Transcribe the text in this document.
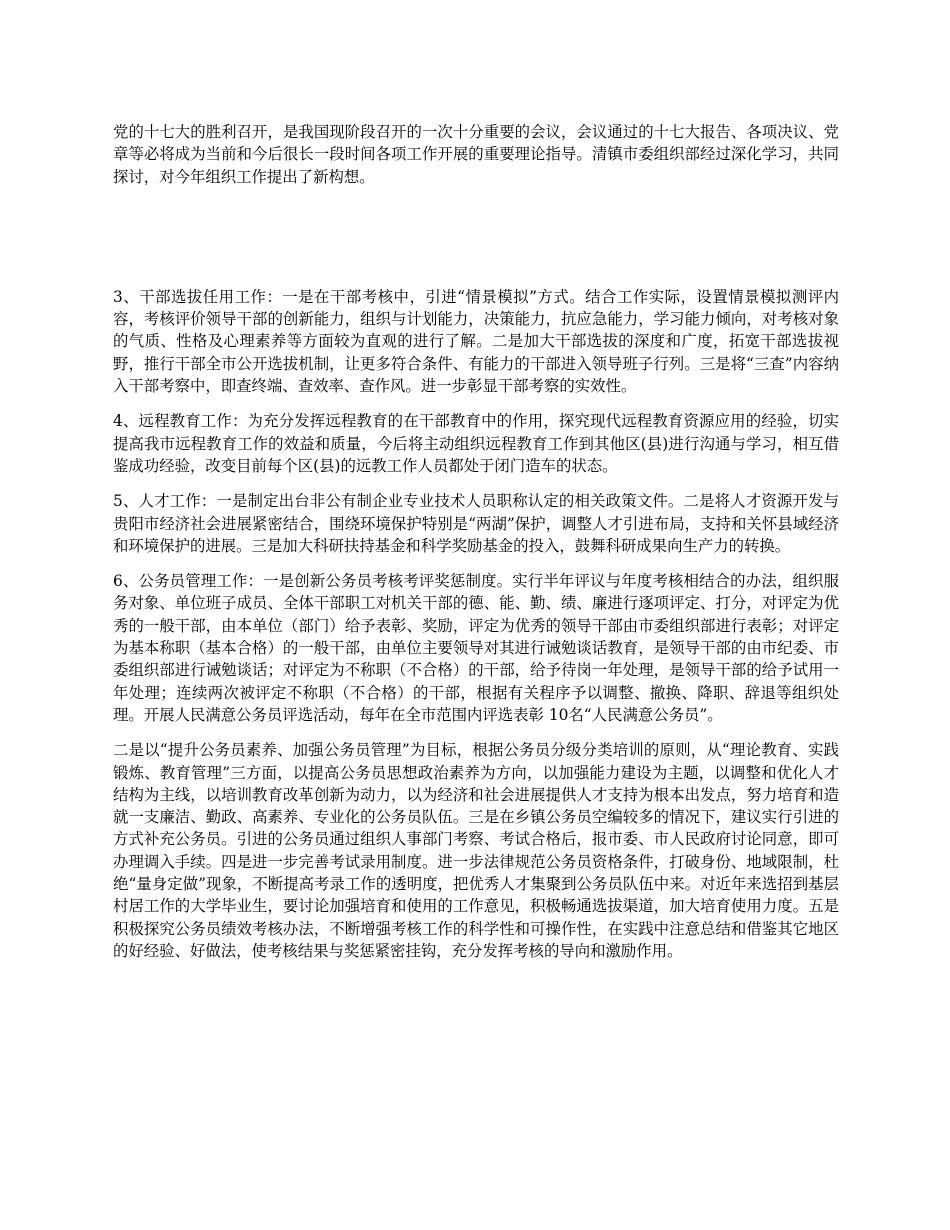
党的十七大的胜利召开，是我国现阶段召开的一次十分重要的会议，会议通过的十七大报告、各项决议、党章等必将成为当前和今后很长一段时间各项工作开展的重要理论指导。清镇市委组织部经过深化学习，共同探讨，对今年组织工作提出了新构想。

3、干部选拔任用工作：一是在干部考核中，引进“情景模拟”方式。结合工作实际，设置情景模拟测评内容，考核评价领导干部的创新能力，组织与计划能力，决策能力，抗应急能力，学习能力倾向，对考核对象的气质、性格及心理素养等方面较为直观的进行了解。二是加大干部选拔的深度和广度，拓宽干部选拔视野，推行干部全市公开选拔机制，让更多符合条件、有能力的干部进入领导班子行列。三是将“三查”内容纳入干部考察中，即查终端、查效率、查作风。进一步彰显干部考察的实效性。

4、远程教育工作：为充分发挥远程教育的在干部教育中的作用，探究现代远程教育资源应用的经验，切实提高我市远程教育工作的效益和质量，今后将主动组织远程教育工作到其他区(县)进行沟通与学习，相互借鉴成功经验，改变目前每个区(县)的远教工作人员都处于闭门造车的状态。

5、人才工作：一是制定出台非公有制企业专业技术人员职称认定的相关政策文件。二是将人才资源开发与贵阳市经济社会进展紧密结合，围绕环境保护特别是“两湖”保护，调整人才引进布局，支持和关怀县域经济和环境保护的进展。三是加大科研扶持基金和科学奖励基金的投入，鼓舞科研成果向生产力的转换。

6、公务员管理工作：一是创新公务员考核考评奖惩制度。实行半年评议与年度考核相结合的办法，组织服务对象、单位班子成员、全体干部职工对机关干部的德、能、勤、绩、廉进行逐项评定、打分，对评定为优秀的一般干部，由本单位（部门）给予表彰、奖励，评定为优秀的领导干部由市委组织部进行表彰；对评定为基本称职（基本合格）的一般干部，由单位主要领导对其进行诫勉谈话教育，是领导干部的由市纪委、市委组织部进行诫勉谈话；对评定为不称职（不合格）的干部，给予待岗一年处理，是领导干部的给予试用一年处理；连续两次被评定不称职（不合格）的干部，根据有关程序予以调整、撤换、降职、辞退等组织处理。开展人民满意公务员评选活动，每年在全市范围内评选表彰 10名“人民满意公务员”。

二是以“提升公务员素养、加强公务员管理”为目标，根据公务员分级分类培训的原则，从“理论教育、实践锻炼、教育管理”三方面，以提高公务员思想政治素养为方向，以加强能力建设为主题，以调整和优化人才结构为主线，以培训教育改革创新为动力，以为经济和社会进展提供人才支持为根本出发点，努力培育和造就一支廉洁、勤政、高素养、专业化的公务员队伍。三是在乡镇公务员空编较多的情况下，建议实行引进的方式补充公务员。引进的公务员通过组织人事部门考察、考试合格后，报市委、市人民政府讨论同意，即可办理调入手续。四是进一步完善考试录用制度。进一步法律规范公务员资格条件，打破身份、地域限制，杜绝“量身定做”现象，不断提高考录工作的透明度，把优秀人才集聚到公务员队伍中来。对近年来选招到基层村居工作的大学毕业生，要讨论加强培育和使用的工作意见，积极畅通选拔渠道，加大培育使用力度。五是积极探究公务员绩效考核办法，不断增强考核工作的科学性和可操作性，在实践中注意总结和借鉴其它地区的好经验、好做法，使考核结果与奖惩紧密挂钩，充分发挥考核的导向和激励作用。
